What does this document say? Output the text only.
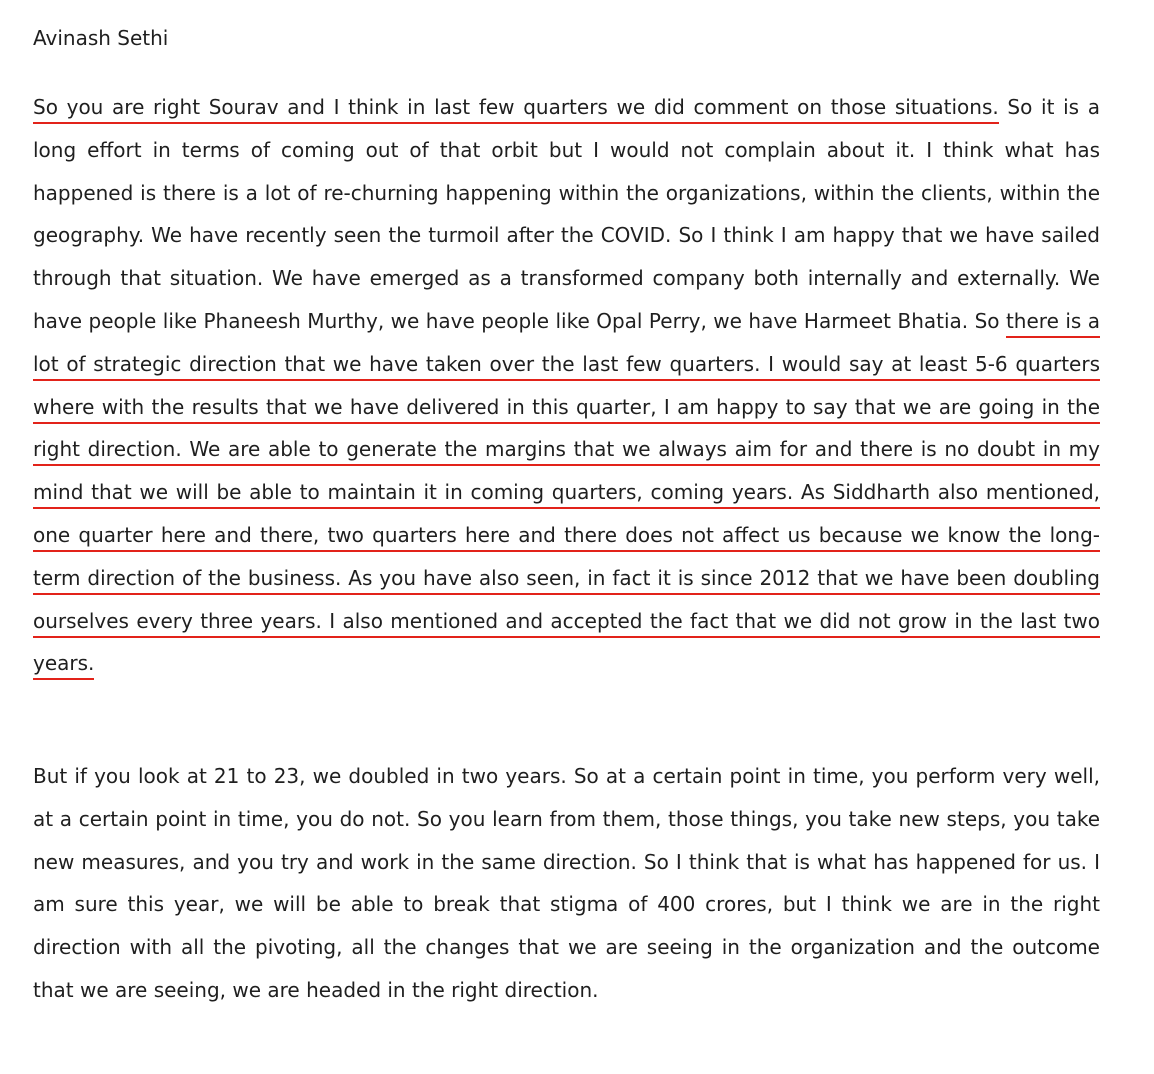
Avinash Sethi

So you are right Sourav and I think in last few quarters we did comment on those situations. So it is a long effort in terms of coming out of that orbit but I would not complain about it. I think what has happened is there is a lot of re-churning happening within the organizations, within the clients, within the geography. We have recently seen the turmoil after the COVID. So I think I am happy that we have sailed through that situation. We have emerged as a transformed company both internally and externally. We have people like Phaneesh Murthy, we have people like Opal Perry, we have Harmeet Bhatia. So there is a lot of strategic direction that we have taken over the last few quarters. I would say at least 5-6 quarters where with the results that we have delivered in this quarter, I am happy to say that we are going in the right direction. We are able to generate the margins that we always aim for and there is no doubt in my mind that we will be able to maintain it in coming quarters, coming years. As Siddharth also mentioned, one quarter here and there, two quarters here and there does not affect us because we know the long-term direction of the business. As you have also seen, in fact it is since 2012 that we have been doubling ourselves every three years. I also mentioned and accepted the fact that we did not grow in the last two years.

But if you look at 21 to 23, we doubled in two years. So at a certain point in time, you perform very well, at a certain point in time, you do not. So you learn from them, those things, you take new steps, you take new measures, and you try and work in the same direction. So I think that is what has happened for us. I am sure this year, we will be able to break that stigma of 400 crores, but I think we are in the right direction with all the pivoting, all the changes that we are seeing in the organization and the outcome that we are seeing, we are headed in the right direction.
